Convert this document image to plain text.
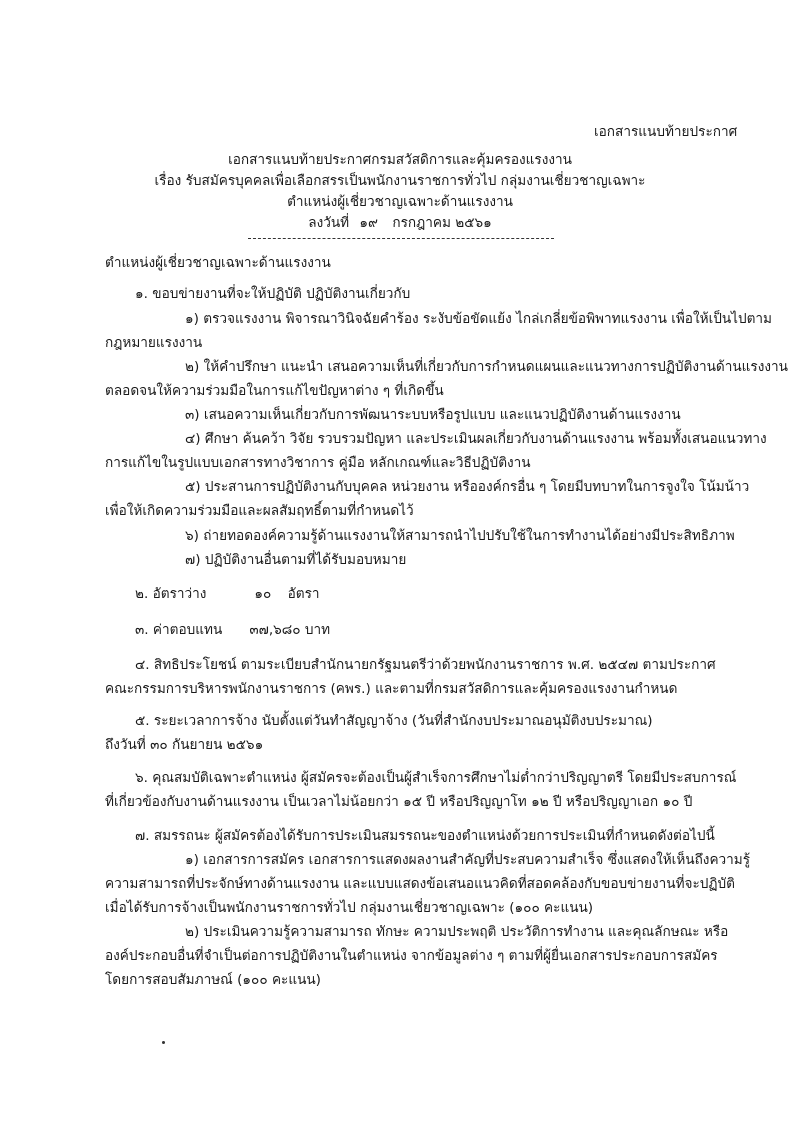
เอกสารแนบท้ายประกาศ
เอกสารแนบท้ายประกาศกรมสวัสดิการและคุ้มครองแรงงาน
เรื่อง รับสมัครบุคคลเพื่อเลือกสรรเป็นพนักงานราชการทั่วไป กลุ่มงานเชี่ยวชาญเฉพาะ
ตำแหน่งผู้เชี่ยวชาญเฉพาะด้านแรงงาน
ลงวันที่ ๑๙ กรกฎาคม ๒๕๖๑
ตำแหน่งผู้เชี่ยวชาญเฉพาะด้านแรงงาน
๑. ขอบข่ายงานที่จะให้ปฏิบัติ ปฏิบัติงานเกี่ยวกับ
๑) ตรวจแรงงาน พิจารณาวินิจฉัยคำร้อง ระงับข้อขัดแย้ง ไกล่เกลี่ยข้อพิพาทแรงงาน เพื่อให้เป็นไปตาม
กฎหมายแรงงาน
๒) ให้คำปรึกษา แนะนำ เสนอความเห็นที่เกี่ยวกับการกำหนดแผนและแนวทางการปฏิบัติงานด้านแรงงาน
ตลอดจนให้ความร่วมมือในการแก้ไขปัญหาต่าง ๆ ที่เกิดขึ้น
๓) เสนอความเห็นเกี่ยวกับการพัฒนาระบบหรือรูปแบบ และแนวปฏิบัติงานด้านแรงงาน
๔) ศึกษา ค้นคว้า วิจัย รวบรวมปัญหา และประเมินผลเกี่ยวกับงานด้านแรงงาน พร้อมทั้งเสนอแนวทาง
การแก้ไขในรูปแบบเอกสารทางวิชาการ คู่มือ หลักเกณฑ์และวิธีปฏิบัติงาน
๕) ประสานการปฏิบัติงานกับบุคคล หน่วยงาน หรือองค์กรอื่น ๆ โดยมีบทบาทในการจูงใจ โน้มน้าว
เพื่อให้เกิดความร่วมมือและผลสัมฤทธิ์ตามที่กำหนดไว้
๖) ถ่ายทอดองค์ความรู้ด้านแรงงานให้สามารถนำไปปรับใช้ในการทำงานได้อย่างมีประสิทธิภาพ
๗) ปฏิบัติงานอื่นตามที่ได้รับมอบหมาย
๒. อัตราว่าง	๑๐ อัตรา
๓. ค่าตอบแทน ๓๗,๖๘๐ บาท
๔. สิทธิประโยชน์ ตามระเบียบสำนักนายกรัฐมนตรีว่าด้วยพนักงานราชการ พ.ศ. ๒๕๔๗ ตามประกาศ
คณะกรรมการบริหารพนักงานราชการ (คพร.) และตามที่กรมสวัสดิการและคุ้มครองแรงงานกำหนด
๕. ระยะเวลาการจ้าง นับตั้งแต่วันทำสัญญาจ้าง (วันที่สำนักงบประมาณอนุมัติงบประมาณ)
ถึงวันที่ ๓๐ กันยายน ๒๕๖๑
๖. คุณสมบัติเฉพาะตำแหน่ง ผู้สมัครจะต้องเป็นผู้สำเร็จการศึกษาไม่ต่ำกว่าปริญญาตรี โดยมีประสบการณ์
ที่เกี่ยวข้องกับงานด้านแรงงาน เป็นเวลาไม่น้อยกว่า ๑๕ ปี หรือปริญญาโท ๑๒ ปี หรือปริญญาเอก ๑๐ ปี
๗. สมรรถนะ ผู้สมัครต้องได้รับการประเมินสมรรถนะของตำแหน่งด้วยการประเมินที่กำหนดดังต่อไปนี้
๑) เอกสารการสมัคร เอกสารการแสดงผลงานสำคัญที่ประสบความสำเร็จ ซึ่งแสดงให้เห็นถึงความรู้
ความสามารถที่ประจักษ์ทางด้านแรงงาน และแบบแสดงข้อเสนอแนวคิดที่สอดคล้องกับขอบข่ายงานที่จะปฏิบัติ
เมื่อได้รับการจ้างเป็นพนักงานราชการทั่วไป กลุ่มงานเชี่ยวชาญเฉพาะ (๑๐๐ คะแนน)
๒) ประเมินความรู้ความสามารถ ทักษะ ความประพฤติ ประวัติการทำงาน และคุณลักษณะ หรือ
องค์ประกอบอื่นที่จำเป็นต่อการปฏิบัติงานในตำแหน่ง จากข้อมูลต่าง ๆ ตามที่ผู้ยื่นเอกสารประกอบการสมัคร
โดยการสอบสัมภาษณ์ (๑๐๐ คะแนน)
